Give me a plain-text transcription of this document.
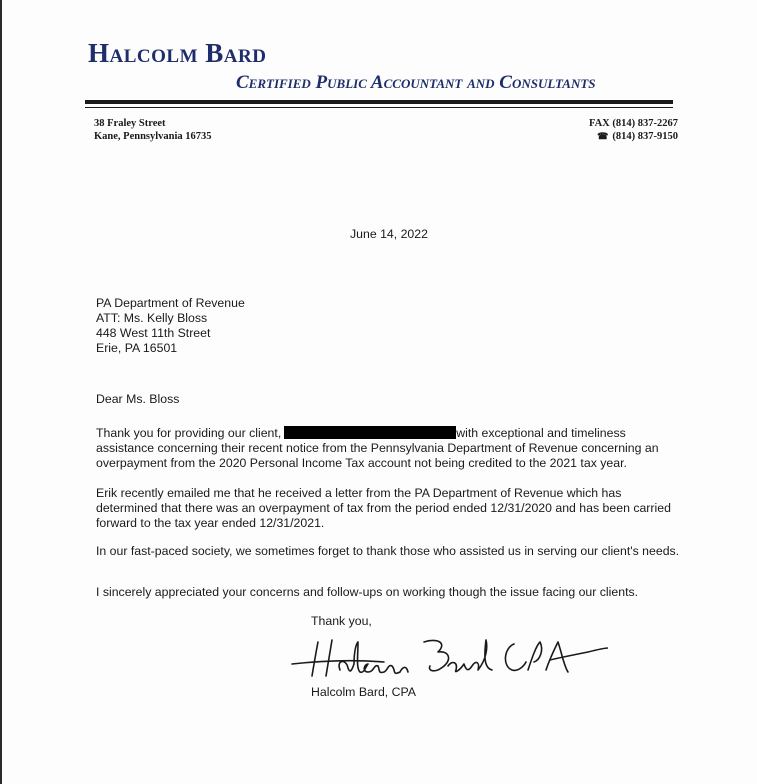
Halcolm Bard
Certified Public Accountant and Consultants
38 Fraley Street
Kane, Pennsylvania 16735
FAX (814) 837-2267
☎ (814) 837-9150
June 14, 2022
PA Department of Revenue
ATT: Ms. Kelly Bloss
448 West 11th Street
Erie, PA 16501
Dear Ms. Bloss
Thank you for providing our client,	with exceptional and timeliness assistance concerning their recent notice from the Pennsylvania Department of Revenue concerning an overpayment from the 2020 Personal Income Tax account not being credited to the 2021 tax year.
Erik recently emailed me that he received a letter from the PA Department of Revenue which has determined that there was an overpayment of tax from the period ended 12/31/2020 and has been carried forward to the tax year ended 12/31/2021.
In our fast-paced society, we sometimes forget to thank those who assisted us in serving our client's needs.
I sincerely appreciated your concerns and follow-ups on working though the issue facing our clients.
Thank you,
Halcolm Bard, CPA
